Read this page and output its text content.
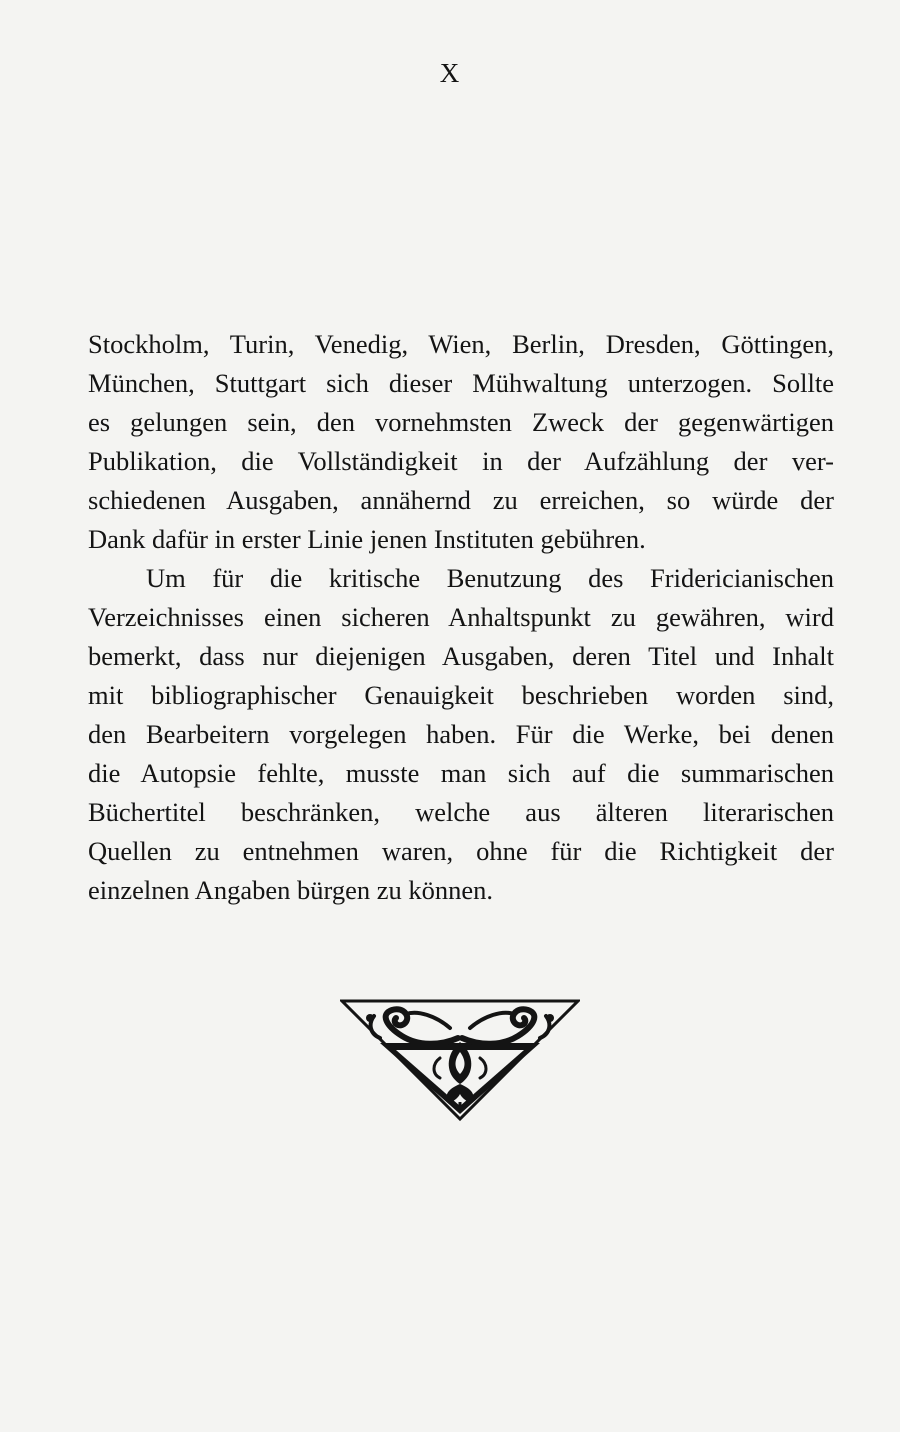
X
Stockholm, Turin, Venedig, Wien, Berlin, Dresden, Göttingen,
München, Stuttgart sich dieser Mühwaltung unterzogen. Sollte
es gelungen sein, den vornehmsten Zweck der gegenwärtigen
Publikation, die Vollständigkeit in der Aufzählung der ver-
schiedenen Ausgaben, annähernd zu erreichen, so würde der
Dank dafür in erster Linie jenen Instituten gebühren.
Um für die kritische Benutzung des Fridericianischen
Verzeichnisses einen sicheren Anhaltspunkt zu gewähren, wird
bemerkt, dass nur diejenigen Ausgaben, deren Titel und Inhalt
mit bibliographischer Genauigkeit beschrieben worden sind,
den Bearbeitern vorgelegen haben. Für die Werke, bei denen
die Autopsie fehlte, musste man sich auf die summarischen
Büchertitel beschränken, welche aus älteren literarischen
Quellen zu entnehmen waren, ohne für die Richtigkeit der
einzelnen Angaben bürgen zu können.
